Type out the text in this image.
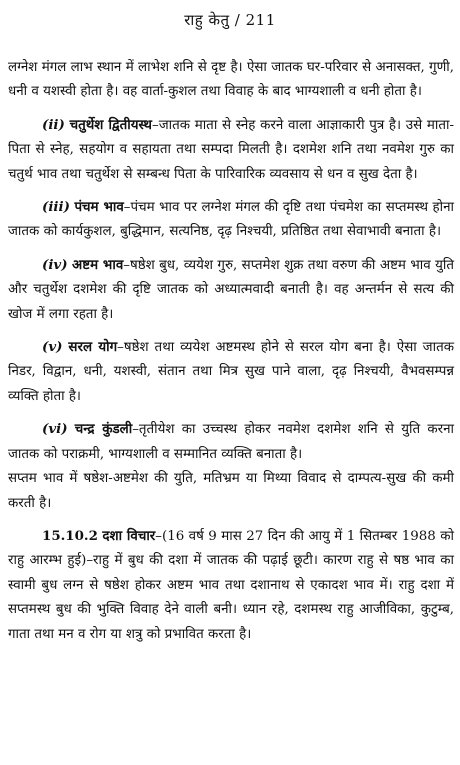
राहु केतु / 211

लग्नेश मंगल लाभ स्थान में लाभेश शनि से दृष्ट है। ऐसा जातक घर-परिवार से अनासक्त, गुणी, धनी व यशस्वी होता है। वह वार्ता-कुशल तथा विवाह के बाद भाग्यशाली व धनी होता है।

(ii) चतुर्थेश द्वितीयस्थ–जातक माता से स्नेह करने वाला आज्ञाकारी पुत्र है। उसे माता-पिता से स्नेह, सहयोग व सहायता तथा सम्पदा मिलती है। दशमेश शनि तथा नवमेश गुरु का चतुर्थ भाव तथा चतुर्थेश से सम्बन्ध पिता के पारिवारिक व्यवसाय से धन व सुख देता है।

(iii) पंचम भाव–पंचम भाव पर लग्नेश मंगल की दृष्टि तथा पंचमेश का सप्तमस्थ होना जातक को कार्यकुशल, बुद्धिमान, सत्यनिष्ठ, दृढ़ निश्चयी, प्रतिष्ठित तथा सेवाभावी बनाता है।

(iv) अष्टम भाव–षष्ठेश बुध, व्ययेश गुरु, सप्तमेश शुक्र तथा वरुण की अष्टम भाव युति और चतुर्थेश दशमेश की दृष्टि जातक को अध्यात्मवादी बनाती है। वह अन्तर्मन से सत्य की खोज में लगा रहता है।

(v) सरल योग–षष्ठेश तथा व्ययेश अष्टमस्थ होने से सरल योग बना है। ऐसा जातक निडर, विद्वान, धनी, यशस्वी, संतान तथा मित्र सुख पाने वाला, दृढ़ निश्चयी, वैभवसम्पन्न व्यक्ति होता है।

(vi) चन्द्र कुंडली–तृतीयेश का उच्चस्थ होकर नवमेश दशमेश शनि से युति करना जातक को पराक्रमी, भाग्यशाली व सम्मानित व्यक्ति बनाता है।

सप्तम भाव में षष्ठेश-अष्टमेश की युति, मतिभ्रम या मिथ्या विवाद से दाम्पत्य-सुख की कमी करती है।

15.10.2 दशा विचार–(16 वर्ष 9 मास 27 दिन की आयु में 1 सितम्बर 1988 को राहु आरम्भ हुई)–राहु में बुध की दशा में जातक की पढ़ाई छूटी। कारण राहु से षष्ठ भाव का स्वामी बुध लग्न से षष्ठेश होकर अष्टम भाव तथा दशानाथ से एकादश भाव में। राहु दशा में सप्तमस्थ बुध की भुक्ति विवाह देने वाली बनी। ध्यान रहे, दशमस्थ राहु आजीविका, कुटुम्ब, गाता तथा मन व रोग या शत्रु को प्रभावित करता है।
